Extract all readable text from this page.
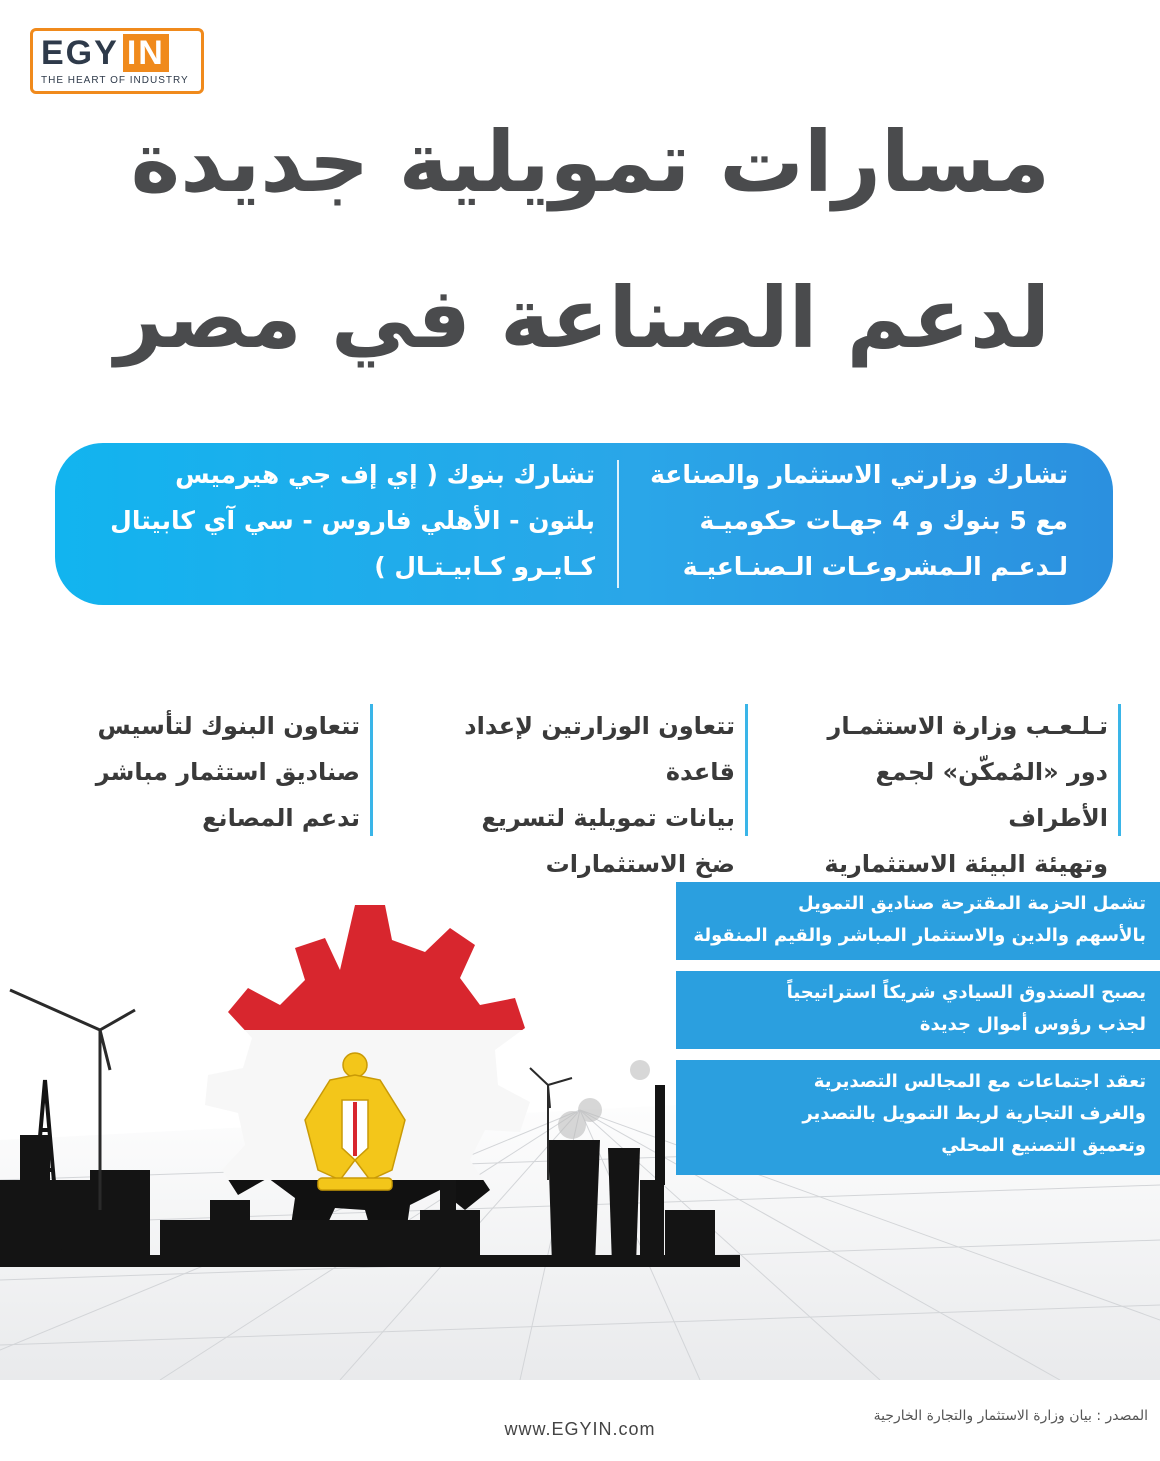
EGY IN
THE HEART OF INDUSTRY
مسارات تمويلية جديدة
لدعم الصناعة في مصر
تشارك وزارتي الاستثمار والصناعة
مع 5 بنوك و 4 جهـات حكوميـة
لـدعـم الـمشروعـات الـصنـاعيـة
تشارك بنوك ( إي إف جي هيرميس
بلتون - الأهلي فاروس - سي آي كابيتال
كـايـرو كـابيـتـال )
تـلـعـب وزارة الاستثمـار
دور «المُمكّن» لجمع الأطراف
وتهيئة البيئة الاستثمارية
تتعاون الوزارتين لإعداد قاعدة
بيانات تمويلية لتسريع
ضخ الاستثمارات
تتعاون البنوك لتأسيس
صناديق استثمار مباشر
تدعم المصانع
تشمل الحزمة المقترحة صناديق التمويل
بالأسهم والدين والاستثمار المباشر والقيم المنقولة
يصبح الصندوق السيادي شريكاً استراتيجياً
لجذب رؤوس أموال جديدة
تعقد اجتماعات مع المجالس التصديرية
والغرف التجارية لربط التمويل بالتصدير
وتعميق التصنيع المحلي
المصدر : بيان وزارة الاستثمار والتجارة الخارجية
www.EGYIN.com
